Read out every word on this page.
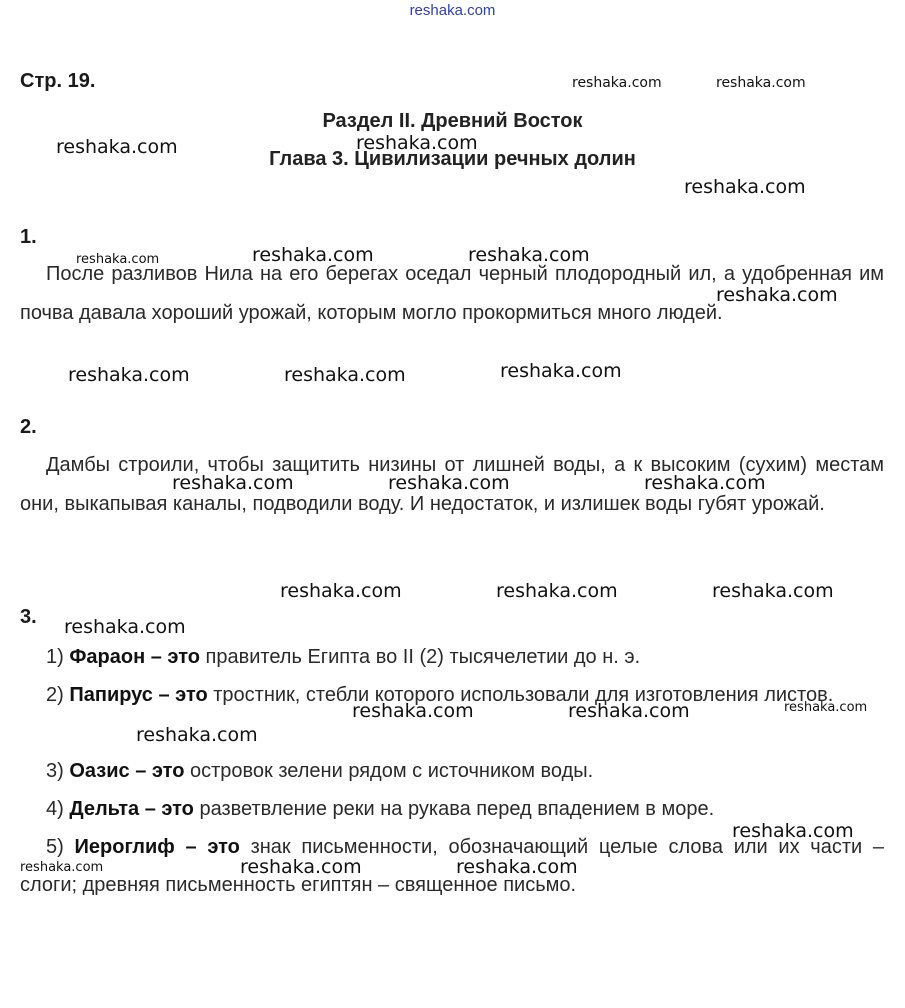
reshaka.com
Стр. 19.
Раздел II. Древний Восток
Глава 3. Цивилизации речных долин
1.

После разливов Нила на его берегах оседал черный плодородный ил, а удобренная им почва давала хороший урожай, которым могло прокормиться много людей.

2.

Дамбы строили, чтобы защитить низины от лишней воды, а к высоким (сухим) местам они, выкапывая каналы, подводили воду. И недостаток, и излишек воды губят урожай.

3.
1) Фараон – это правитель Египта во II (2) тысячелетии до н. э.
2) Папирус – это тростник, стебли которого использовали для изготовления листов.
3) Оазис – это островок зелени рядом с источником воды.
4) Дельта – это разветвление реки на рукава перед впадением в море.
5) Иероглиф – это знак письменности, обозначающий целые слова или их части – слоги; древняя письменность египтян – священное письмо.
reshaka.com	reshaka.com
reshaka.com	reshaka.com
reshaka.com
reshaka.com	reshaka.com	reshaka.com
reshaka.com
reshaka.com	reshaka.com	reshaka.com
reshaka.com	reshaka.com	reshaka.com
reshaka.com	reshaka.com	reshaka.com
reshaka.com
reshaka.com	reshaka.com	reshaka.com
reshaka.com
reshaka.com
reshaka.com	reshaka.com	reshaka.com
